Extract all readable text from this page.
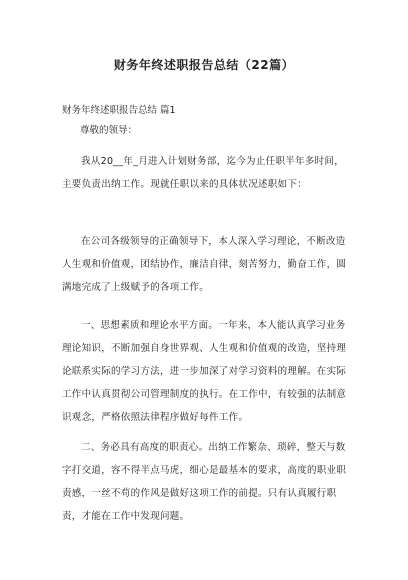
财务年终述职报告总结（22篇）
财务年终述职报告总结 篇1
尊敬的领导：

我从20__年_月进入计划财务部，迄今为止任职半年多时间，主要负责出纳工作。现就任职以来的具体状况述职如下：

在公司各级领导的正确领导下，本人深入学习理论，不断改造人生观和价值观，团结协作，廉洁自律，刻苦努力，勤奋工作，圆满地完成了上级赋予的各项工作。

一、思想素质和理论水平方面。一年来，本人能认真学习业务理论知识，不断加强自身世界观、人生观和价值观的改造，坚持理论联系实际的学习方法，进一步加深了对学习资料的理解。在实际工作中认真贯彻公司管理制度的执行。在工作中，有较强的法制意识观念，严格依照法律程序做好每件工作。

二、务必具有高度的职责心。出纳工作繁杂、琐碎，整天与数字打交道，容不得半点马虎，细心是最基本的要求，高度的职业职责感，一丝不苟的作风是做好这项工作的前提。只有认真履行职责，才能在工作中发现问题。
